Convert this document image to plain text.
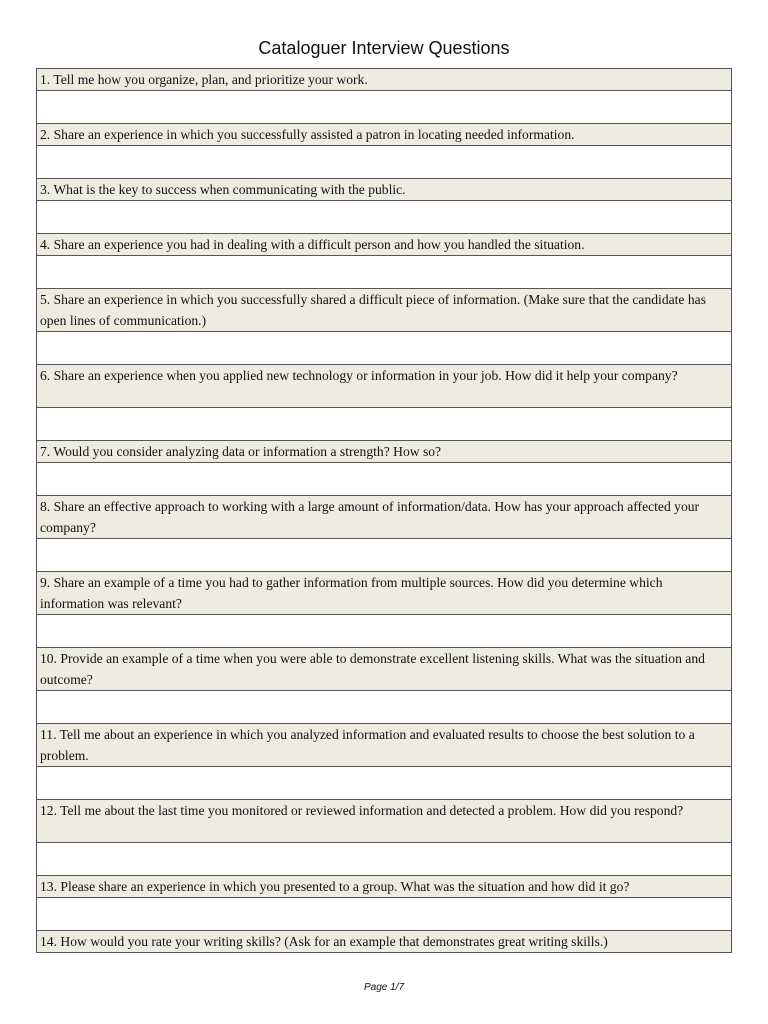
Cataloguer Interview Questions
1. Tell me how you organize, plan, and prioritize your work.

2. Share an experience in which you successfully assisted a patron in locating needed information.

3. What is the key to success when communicating with the public.

4. Share an experience you had in dealing with a difficult person and how you handled the situation.

5. Share an experience in which you successfully shared a difficult piece of information. (Make sure that the candidate has open lines of communication.)

6. Share an experience when you applied new technology or information in your job. How did it help your company?

7. Would you consider analyzing data or information a strength? How so?

8. Share an effective approach to working with a large amount of information/data. How has your approach affected your company?

9. Share an example of a time you had to gather information from multiple sources. How did you determine which information was relevant?

10. Provide an example of a time when you were able to demonstrate excellent listening skills. What was the situation and outcome?

11. Tell me about an experience in which you analyzed information and evaluated results to choose the best solution to a problem.

12. Tell me about the last time you monitored or reviewed information and detected a problem. How did you respond?

13. Please share an experience in which you presented to a group. What was the situation and how did it go?

14. How would you rate your writing skills? (Ask for an example that demonstrates great writing skills.)
Page 1/7
